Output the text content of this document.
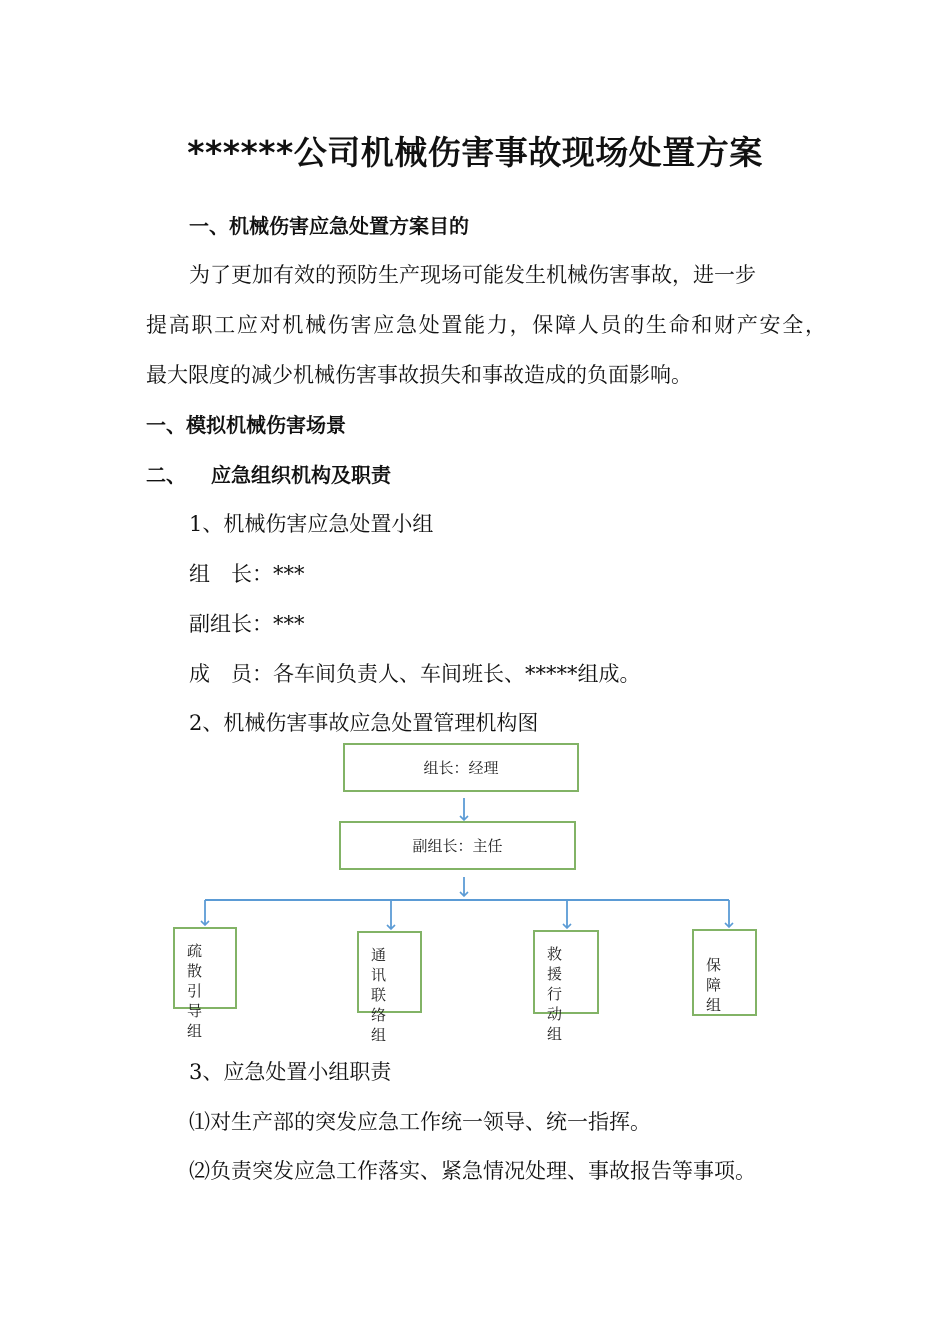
******公司机械伤害事故现场处置方案
一、机械伤害应急处置方案目的
为了更加有效的预防生产现场可能发生机械伤害事故，进一步
提高职工应对机械伤害应急处置能力，保障人员的生命和财产安全，
最大限度的减少机械伤害事故损失和事故造成的负面影响。
一、模拟机械伤害场景
二、 应急组织机构及职责
1、机械伤害应急处置小组
组　长：***
副组长：***
成　员：各车间负责人、车间班长、*****组成。
2、机械伤害事故应急处置管理机构图
组长：经理
副组长：主任
疏散引导组
通讯联络组
救援行动组
保障组
3、应急处置小组职责
⑴对生产部的突发应急工作统一领导、统一指挥。
⑵负责突发应急工作落实、紧急情况处理、事故报告等事项。
